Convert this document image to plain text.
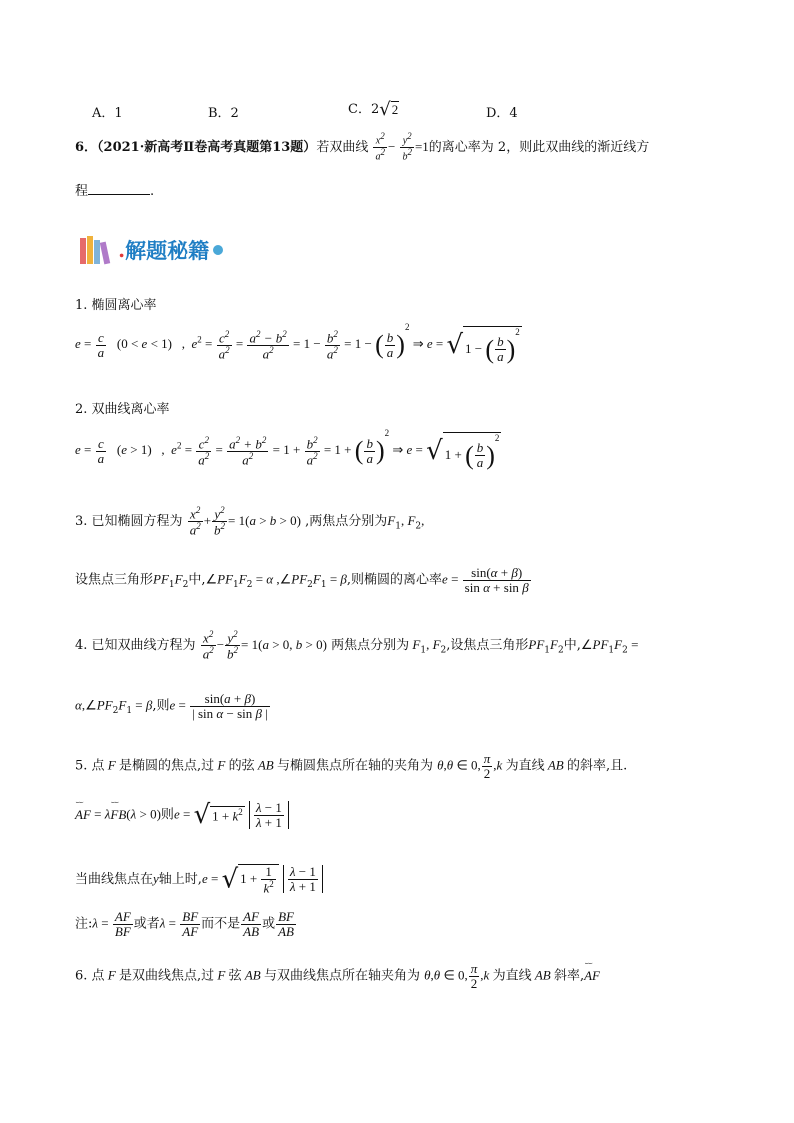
A．1	B．2	C．2√2	D．4
6．（2021·新高考Ⅱ卷高考真题第13题）若双曲线 $\frac{x^2}{a^2} - \frac{y^2}{b^2} =1$的离心率为 2，则此双曲线的渐近线方
程	.
.解题秘籍
1. 椭圆离心率
$e = \frac{c}{a} (0 < e < 1)$   ,  $e^2 = \frac{c^2}{a^2} = \frac{a^2 - b^2}{a^2} = 1 - \frac{b^2}{a^2} = 1$ − ( $\frac{b}{a} )^2$ ⇒ e = √ 1 − ( $\frac{b}{a} )^2$
2. 双曲线离心率
$e = \frac{c}{a} (e > 1)$   ,  $e^2 = \frac{c^2}{a^2} = \frac{a^2 + b^2}{a^2} = 1 + \frac{b^2}{a^2} = 1$ + ( $\frac{b}{a} )^2$ ⇒ e = √ 1 + ( $\frac{b}{a} )^2$
3. 已知椭圆方程为 $\frac{x^2}{a^2} + \frac{y^2}{b^2} = 1(a > b > 0)$ ,两焦点分别为$F_1$, $F_2$,
设焦点三角形$PF_1F_2$中$,\angle PF_1F_2 = \alpha$ $,\angle PF_2F_1 = \beta$,则椭圆的离心率$e = \frac{\sin(\alpha + \beta)}{\text{sin α + sin β}}$
4. 已知双曲线方程为 $\frac{x^2}{a^2} - \frac{y^2}{b^2} = 1(a > 0$, b > 0) 两焦点分别为 $F_1$, $F_2$,设焦点三角形$PF_1F_2$中$,\angle PF_1F_2$ =
$\alpha,\angle PF_2F_1 = \beta$,则$e = \frac{\sin(a + \beta)}{\text{| sin α − sin β |}}$
5. 点 F 是椭圆的焦点,过 F 的弦 AB 与椭圆焦点所在轴的夹角为 θ,θ ∈ 0, $\frac{\pi}{2} ,k$ 为直线 AB 的斜率,且.
⌣⌣ AF = λ⌣⌣ FB(λ > 0)则e = √ $1 + k^2 \frac{\lambda - 1}{\lambda + 1}$
当曲线焦点在y轴上时,e = √ $1 + \frac{1}{k^2}$
$\frac{\lambda - 1}{\lambda + 1}$
注:λ = $\frac{AF}{BF}$ 或者$\lambda = \frac{BF}{AF}$ 而不是 $\frac{AF}{AB}$ 或 $\frac{BF}{AB}$
6. 点 F 是双曲线焦点,过 F 弦 AB 与双曲线焦点所在轴夹角为 θ,θ ∈ 0, $\frac{\pi}{2} ,k$ 为直线 AB 斜率,⌣⌣ AF
